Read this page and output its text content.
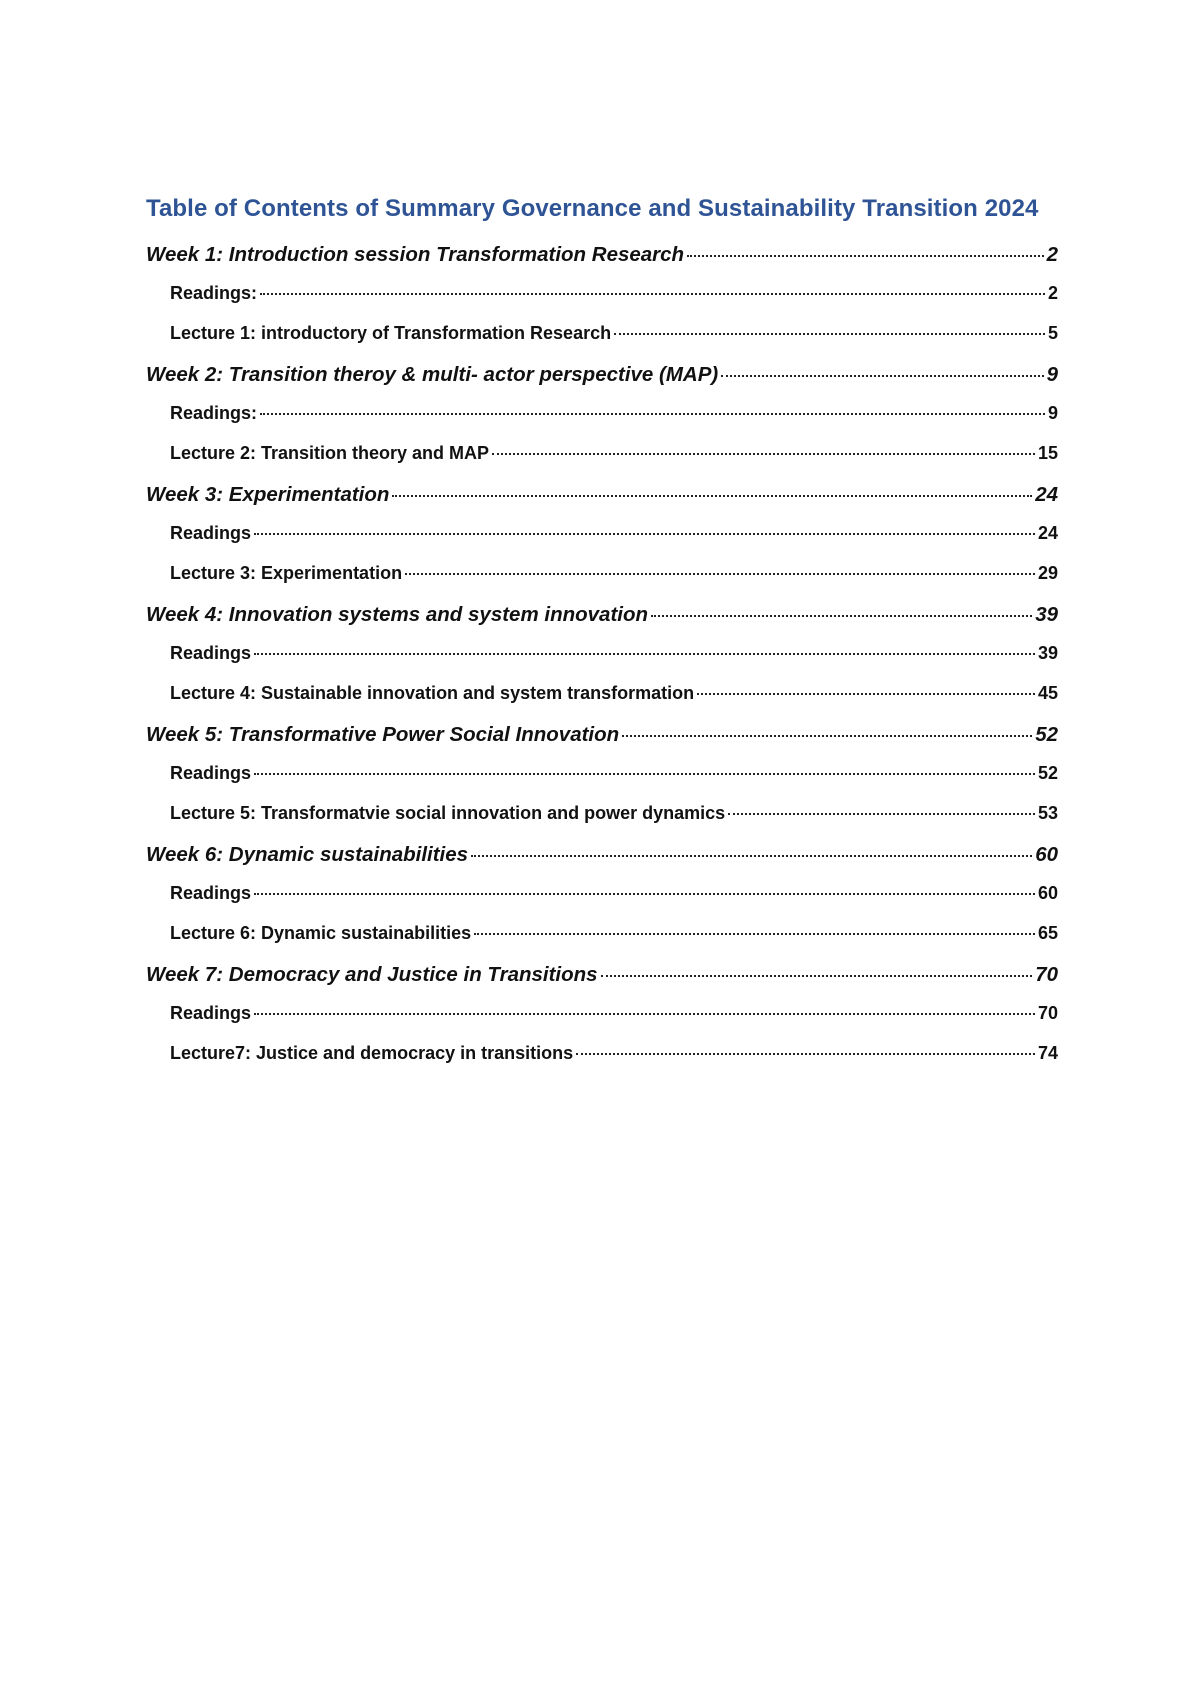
Table of Contents of Summary Governance and Sustainability Transition 2024
Week 1: Introduction session Transformation Research	2
Readings:	2
Lecture 1: introductory of Transformation Research	5
Week 2: Transition theroy & multi- actor perspective (MAP)	9
Readings:	9
Lecture 2: Transition theory and MAP	15
Week 3: Experimentation	24
Readings	24
Lecture 3: Experimentation	29
Week 4: Innovation systems and system innovation	39
Readings	39
Lecture 4: Sustainable innovation and system transformation	45
Week 5: Transformative Power Social Innovation	52
Readings	52
Lecture 5: Transformatvie social innovation and power dynamics	53
Week 6: Dynamic sustainabilities	60
Readings	60
Lecture 6: Dynamic sustainabilities	65
Week 7: Democracy and Justice in Transitions	70
Readings	70
Lecture7: Justice and democracy in transitions	74
